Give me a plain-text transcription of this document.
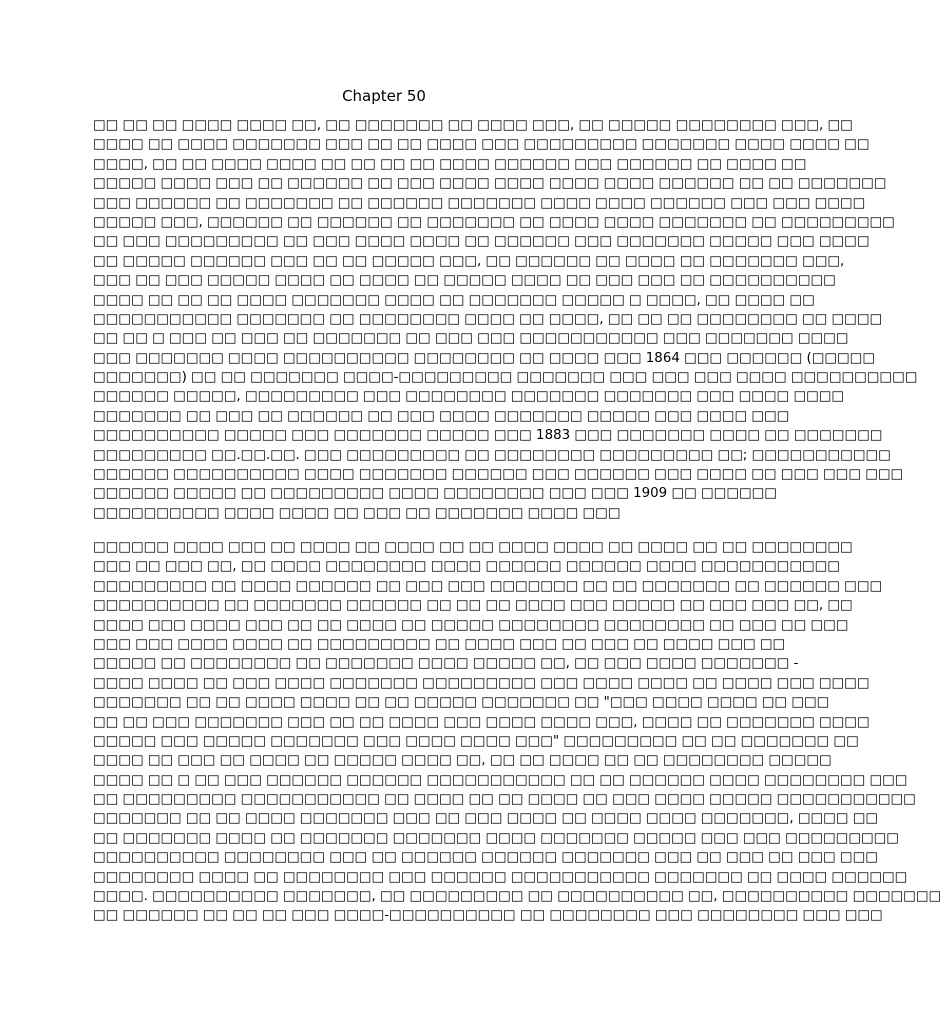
Chapter 50
□□ □□ □□ □□□□ □□□□ □□, □□ □□□□□□□ □□ □□□□ □□□, □□ □□□□□ □□□□□□□□ □□□, □□
□□□□ □□ □□□□ □□□□□□□ □□□ □□ □□ □□□□ □□□ □□□□□□□□□ □□□□□□□ □□□□ □□□□ □□
□□□□, □□ □□ □□□□ □□□□ □□ □□ □□ □□ □□□□ □□□□□□ □□□ □□□□□□ □□ □□□□ □□
□□□□□ □□□□ □□□ □□ □□□□□□ □□ □□□ □□□□ □□□□ □□□□ □□□□ □□□□□□ □□ □□ □□□□□□□
□□□ □□□□□□ □□ □□□□□□□ □□ □□□□□□ □□□□□□□ □□□□ □□□□ □□□□□□ □□□ □□□ □□□□
□□□□□ □□□, □□□□□□ □□ □□□□□□ □□ □□□□□□□ □□ □□□□ □□□□ □□□□□□□ □□ □□□□□□□□□
□□ □□□ □□□□□□□□□ □□ □□□ □□□□ □□□□ □□ □□□□□□ □□□ □□□□□□□ □□□□□ □□□ □□□□
□□ □□□□□ □□□□□□ □□□ □□ □□ □□□□□ □□□, □□ □□□□□□ □□ □□□□ □□ □□□□□□□ □□□,
□□□ □□ □□□ □□□□□ □□□□ □□ □□□□ □□ □□□□□ □□□□ □□ □□□ □□□ □□ □□□□□□□□□□
□□□□ □□ □□ □□ □□□□ □□□□□□□ □□□□ □□ □□□□□□□ □□□□□ □ □□□□, □□ □□□□ □□
□□□□□□□□□□□ □□□□□□□ □□ □□□□□□□□ □□□□ □□ □□□□, □□ □□ □□ □□□□□□□□ □□ □□□□
□□ □□ □ □□□ □□ □□□ □□ □□□□□□□ □□ □□□ □□□ □□□□□□□□□□□ □□□ □□□□□□□ □□□□
□□□ □□□□□□□ □□□□ □□□□□□□□□□ □□□□□□□□ □□ □□□□ □□□ 1864 □□□ □□□□□□ (□□□□□
□□□□□□□) □□ □□ □□□□□□□ □□□□-□□□□□□□□□ □□□□□□□ □□□ □□□ □□□ □□□□ □□□□□□□□□□
□□□□□□ □□□□□, □□□□□□□□□ □□□ □□□□□□□□ □□□□□□□ □□□□□□□ □□□ □□□□ □□□□
□□□□□□□ □□ □□□ □□ □□□□□□ □□ □□□ □□□□ □□□□□□□ □□□□□ □□□ □□□□ □□□
□□□□□□□□□□ □□□□□ □□□ □□□□□□□ □□□□□ □□□ 1883 □□□ □□□□□□□ □□□□ □□ □□□□□□□
□□□□□□□□□ □□.□□.□□. □□□ □□□□□□□□□ □□ □□□□□□□□ □□□□□□□□□ □□; □□□□□□□□□□□
□□□□□□ □□□□□□□□□□ □□□□ □□□□□□□ □□□□□□ □□□ □□□□□□ □□□ □□□□ □□ □□□ □□□ □□□
□□□□□□ □□□□□ □□ □□□□□□□□□ □□□□ □□□□□□□□ □□□ □□□ 1909 □□ □□□□□□
□□□□□□□□□□ □□□□ □□□□ □□ □□□ □□ □□□□□□□ □□□□ □□□
□□□□□□ □□□□ □□□ □□ □□□□ □□ □□□□ □□ □□ □□□□ □□□□ □□ □□□□ □□ □□ □□□□□□□□
□□□ □□ □□□ □□, □□ □□□□ □□□□□□□□ □□□□ □□□□□□ □□□□□□ □□□□ □□□□□□□□□□□
□□□□□□□□□ □□ □□□□ □□□□□□ □□ □□□ □□□ □□□□□□□ □□ □□ □□□□□□□ □□ □□□□□□ □□□
□□□□□□□□□□ □□ □□□□□□□ □□□□□□ □□ □□ □□ □□□□ □□□ □□□□□ □□ □□□ □□□ □□, □□
□□□□ □□□ □□□□ □□□ □□ □□ □□□□ □□ □□□□□ □□□□□□□□ □□□□□□□□ □□ □□□ □□ □□□
□□□ □□□ □□□□ □□□□ □□ □□□□□□□□□ □□ □□□□ □□□ □□ □□□ □□ □□□□ □□□ □□
□□□□□ □□ □□□□□□□□ □□ □□□□□□□ □□□□ □□□□□ □□, □□ □□□ □□□□ □□□□□□□ -
□□□□ □□□□ □□ □□□ □□□□ □□□□□□□ □□□□□□□□□ □□□ □□□□ □□□□ □□ □□□□ □□□ □□□□
□□□□□□□ □□ □□ □□□□ □□□□ □□ □□ □□□□□ □□□□□□□ □□ "□□□ □□□□ □□□□ □□ □□□
□□ □□ □□□ □□□□□□□ □□□ □□ □□ □□□□ □□□ □□□□ □□□□ □□□, □□□□ □□ □□□□□□□ □□□□
□□□□□ □□□ □□□□□ □□□□□□□ □□□ □□□□ □□□□ □□□" □□□□□□□□□ □□ □□ □□□□□□□ □□
□□□□ □□ □□□ □□ □□□□ □□ □□□□□ □□□□ □□, □□ □□ □□□□ □□ □□ □□□□□□□□ □□□□□
□□□□ □□ □ □□ □□□ □□□□□□ □□□□□□ □□□□□□□□□□□ □□ □□ □□□□□□ □□□□ □□□□□□□□ □□□
□□ □□□□□□□□□ □□□□□□□□□□□ □□ □□□□ □□ □□ □□□□ □□ □□□ □□□□ □□□□□ □□□□□□□□□□□
□□□□□□□ □□ □□ □□□□ □□□□□□□ □□□ □□ □□□ □□□□ □□ □□□□ □□□□ □□□□□□□, □□□□ □□
□□ □□□□□□□ □□□□ □□ □□□□□□□ □□□□□□□ □□□□ □□□□□□□ □□□□□ □□□ □□□ □□□□□□□□□
□□□□□□□□□□ □□□□□□□□ □□□ □□ □□□□□□ □□□□□□ □□□□□□□ □□□ □□ □□□ □□ □□□ □□□
□□□□□□□□ □□□□ □□ □□□□□□□□ □□□ □□□□□□ □□□□□□□□□□□ □□□□□□□ □□ □□□□ □□□□□□
□□□□. □□□□□□□□□□ □□□□□□□, □□ □□□□□□□□□ □□ □□□□□□□□□□ □□, □□□□□□□□□□ □□□□□□□
□□ □□□□□□ □□ □□ □□ □□□ □□□□-□□□□□□□□□□ □□ □□□□□□□□ □□□ □□□□□□□□ □□□ □□□
